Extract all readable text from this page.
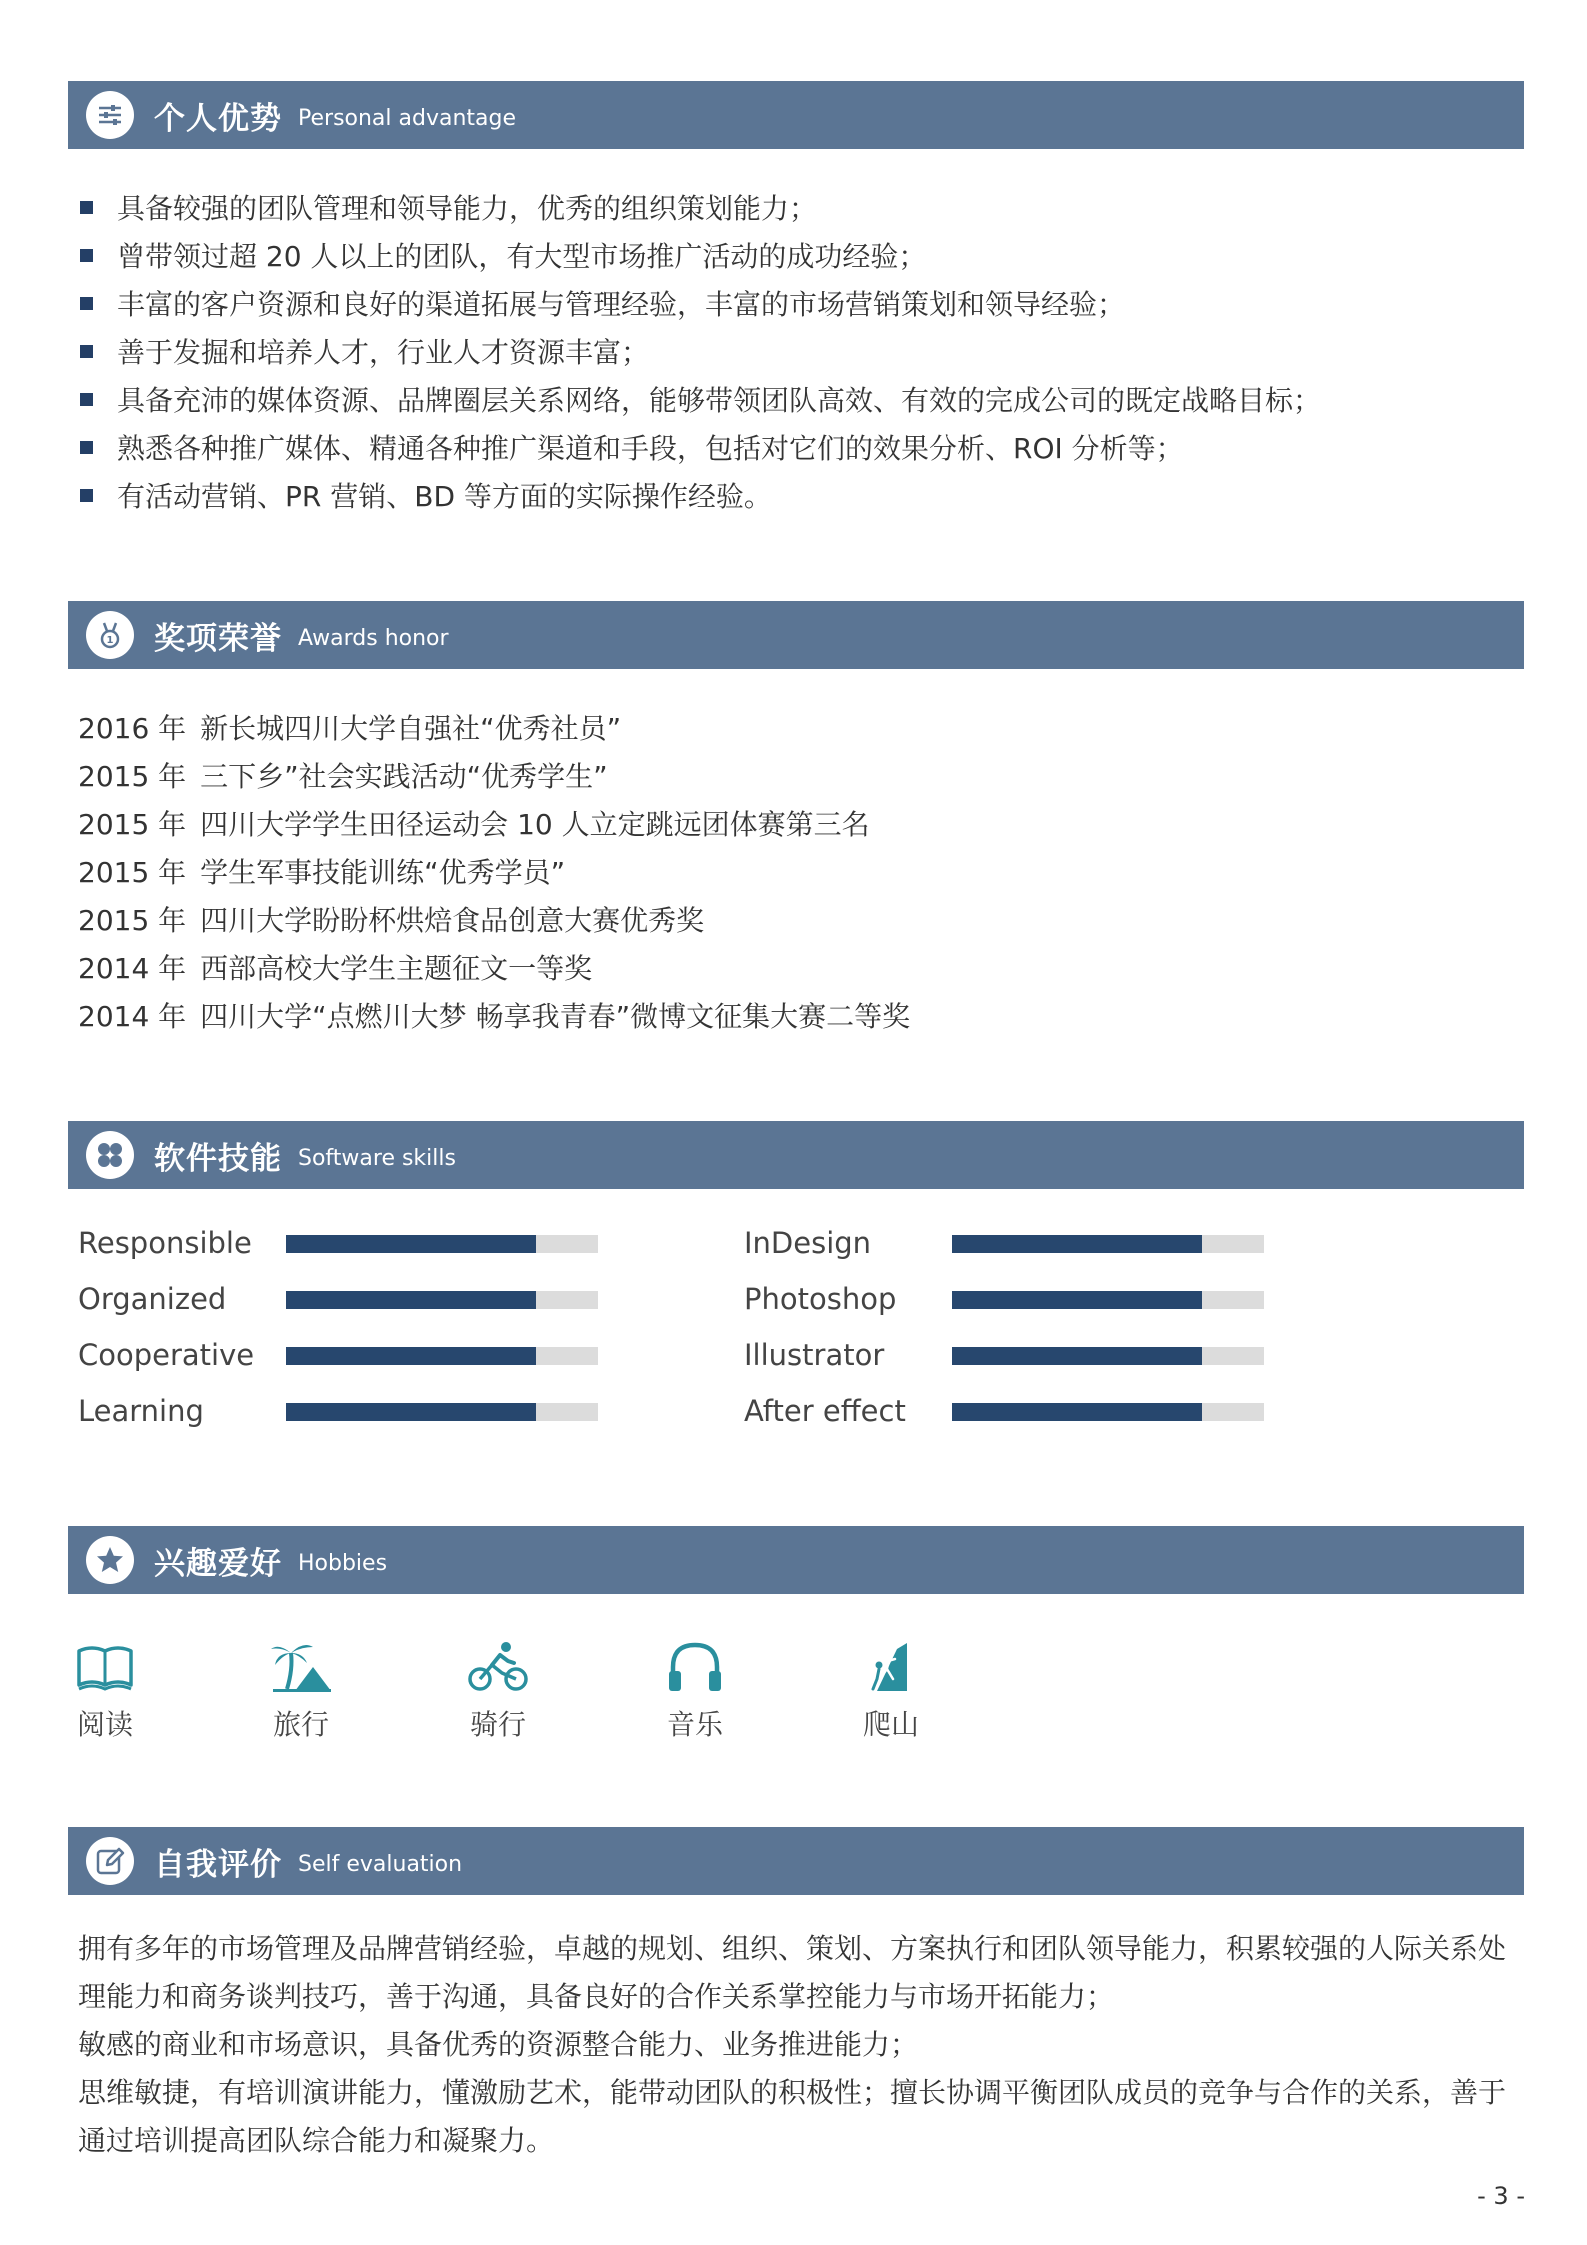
个人优势 Personal advantage
具备较强的团队管理和领导能力，优秀的组织策划能力；
曾带领过超 20 人以上的团队，有大型市场推广活动的成功经验；
丰富的客户资源和良好的渠道拓展与管理经验，丰富的市场营销策划和领导经验；
善于发掘和培养人才，行业人才资源丰富；
具备充沛的媒体资源、品牌圈层关系网络，能够带领团队高效、有效的完成公司的既定战略目标；
熟悉各种推广媒体、精通各种推广渠道和手段，包括对它们的效果分析、ROI 分析等；
有活动营销、PR 营销、BD 等方面的实际操作经验。
1 奖项荣誉 Awards honor
2016 年 新长城四川大学自强社“优秀社员”
2015 年 三下乡”社会实践活动“优秀学生”
2015 年 四川大学学生田径运动会 10 人立定跳远团体赛第三名
2015 年 学生军事技能训练“优秀学员”
2015 年 四川大学盼盼杯烘焙食品创意大赛优秀奖
2014 年 西部高校大学生主题征文一等奖
2014 年 四川大学“点燃川大梦 畅享我青春”微博文征集大赛二等奖
软件技能 Software skills
Responsible
Organized
Cooperative
Learning
InDesign
Photoshop
Illustrator
After effect
兴趣爱好 Hobbies
阅读	旅行	骑行	音乐	爬山
自我评价 Self evaluation

拥有多年的市场管理及品牌营销经验，卓越的规划、组织、策划、方案执行和团队领导能力，积累较强的人际关系处理能力和商务谈判技巧，善于沟通，具备良好的合作关系掌控能力与市场开拓能力；

敏感的商业和市场意识，具备优秀的资源整合能力、业务推进能力；

思维敏捷，有培训演讲能力，懂激励艺术，能带动团队的积极性；擅长协调平衡团队成员的竞争与合作的关系，善于通过培训提高团队综合能力和凝聚力。

- 3 -
